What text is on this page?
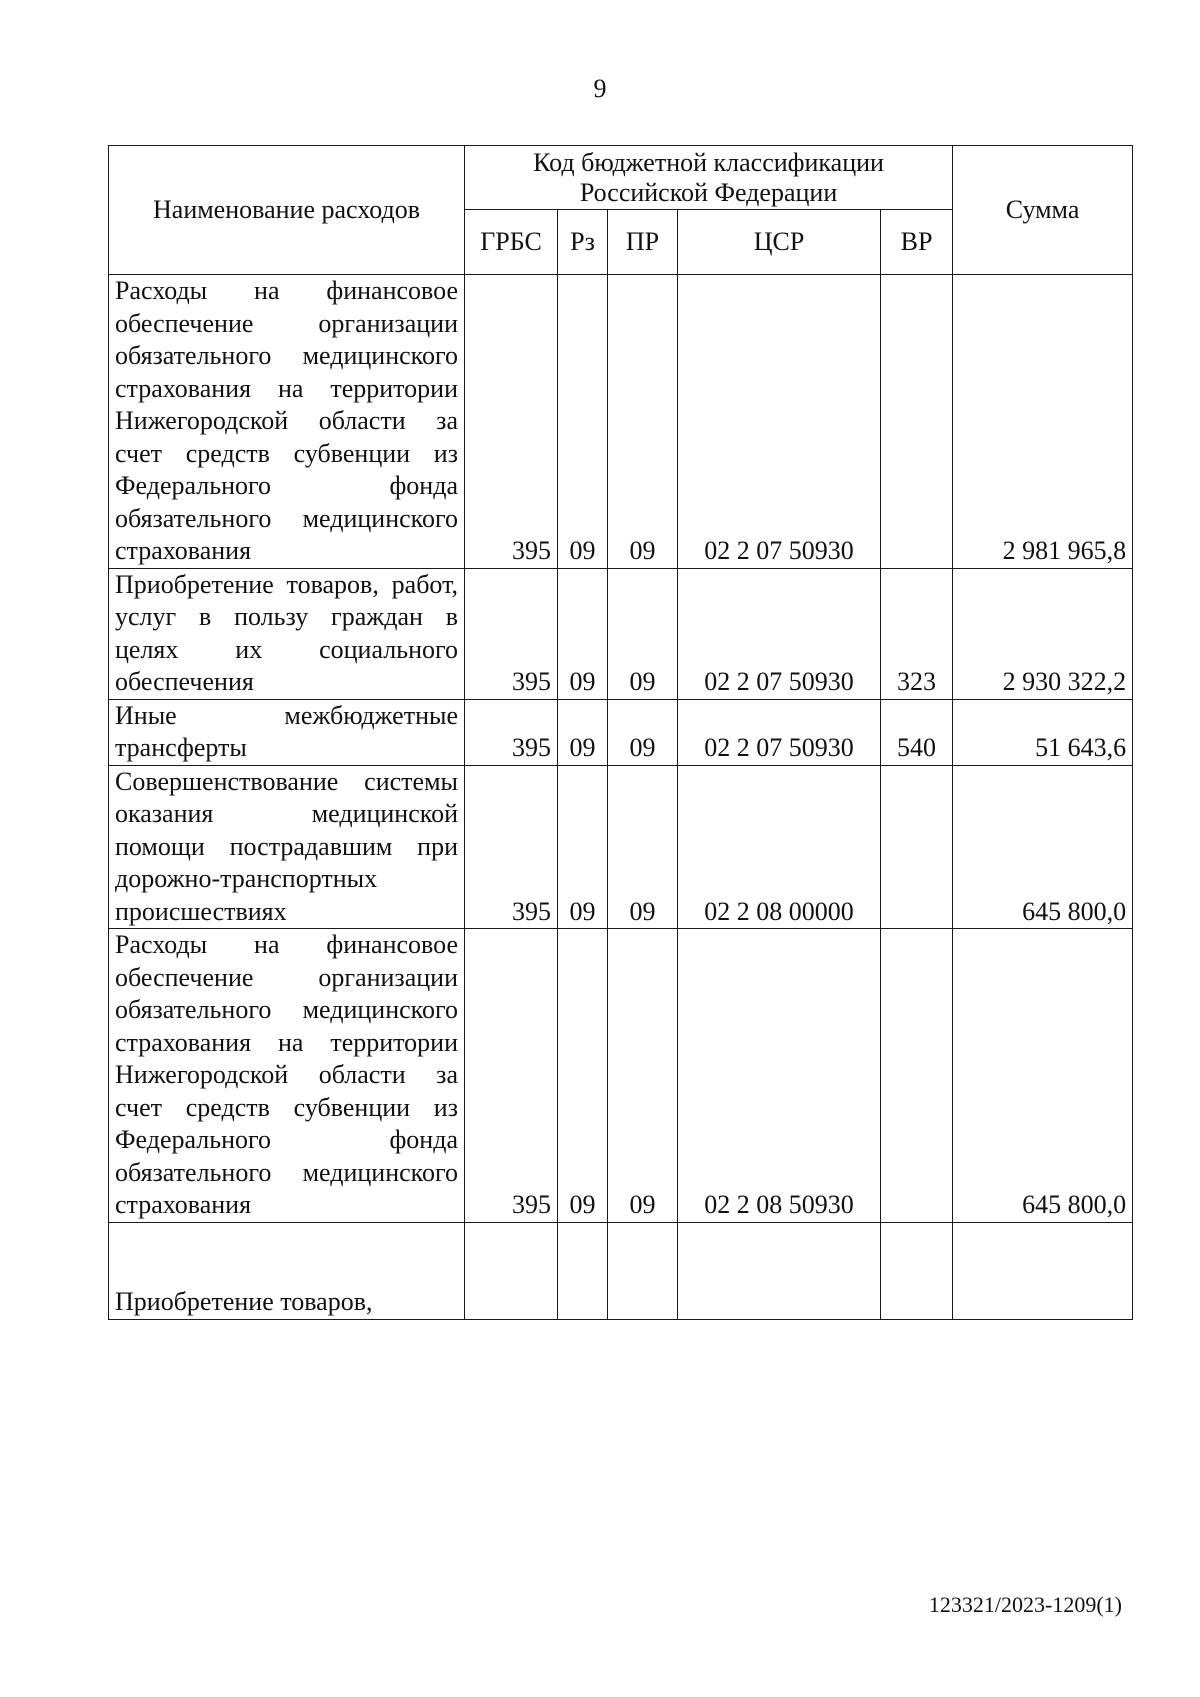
9
Наименование расходов	Код бюджетной классификации Российской Федерации					Сумма
	ГРБС	Рз	ПР	ЦСР	ВР	
Расходы на финансовое обеспечение организации обязательного медицинского страхования на территории Нижегородской области за счет средств субвенции из Федерального фонда обязательного медицинского страхования	395	09	09	02 2 07 50930		2 981 965,8
Приобретение товаров, работ, услуг в пользу граждан в целях их социального обеспечения	395	09	09	02 2 07 50930	323	2 930 322,2
Иные межбюджетные трансферты	395	09	09	02 2 07 50930	540	51 643,6
Совершенствование системы оказания медицинской помощи пострадавшим при дорожно-транспортных происшествиях	395	09	09	02 2 08 00000		645 800,0
Расходы на финансовое обеспечение организации обязательного медицинского страхования на территории Нижегородской области за счет средств субвенции из Федерального фонда обязательного медицинского страхования	395	09	09	02 2 08 50930		645 800,0
Приобретение товаров,						
123321/2023-1209(1)
